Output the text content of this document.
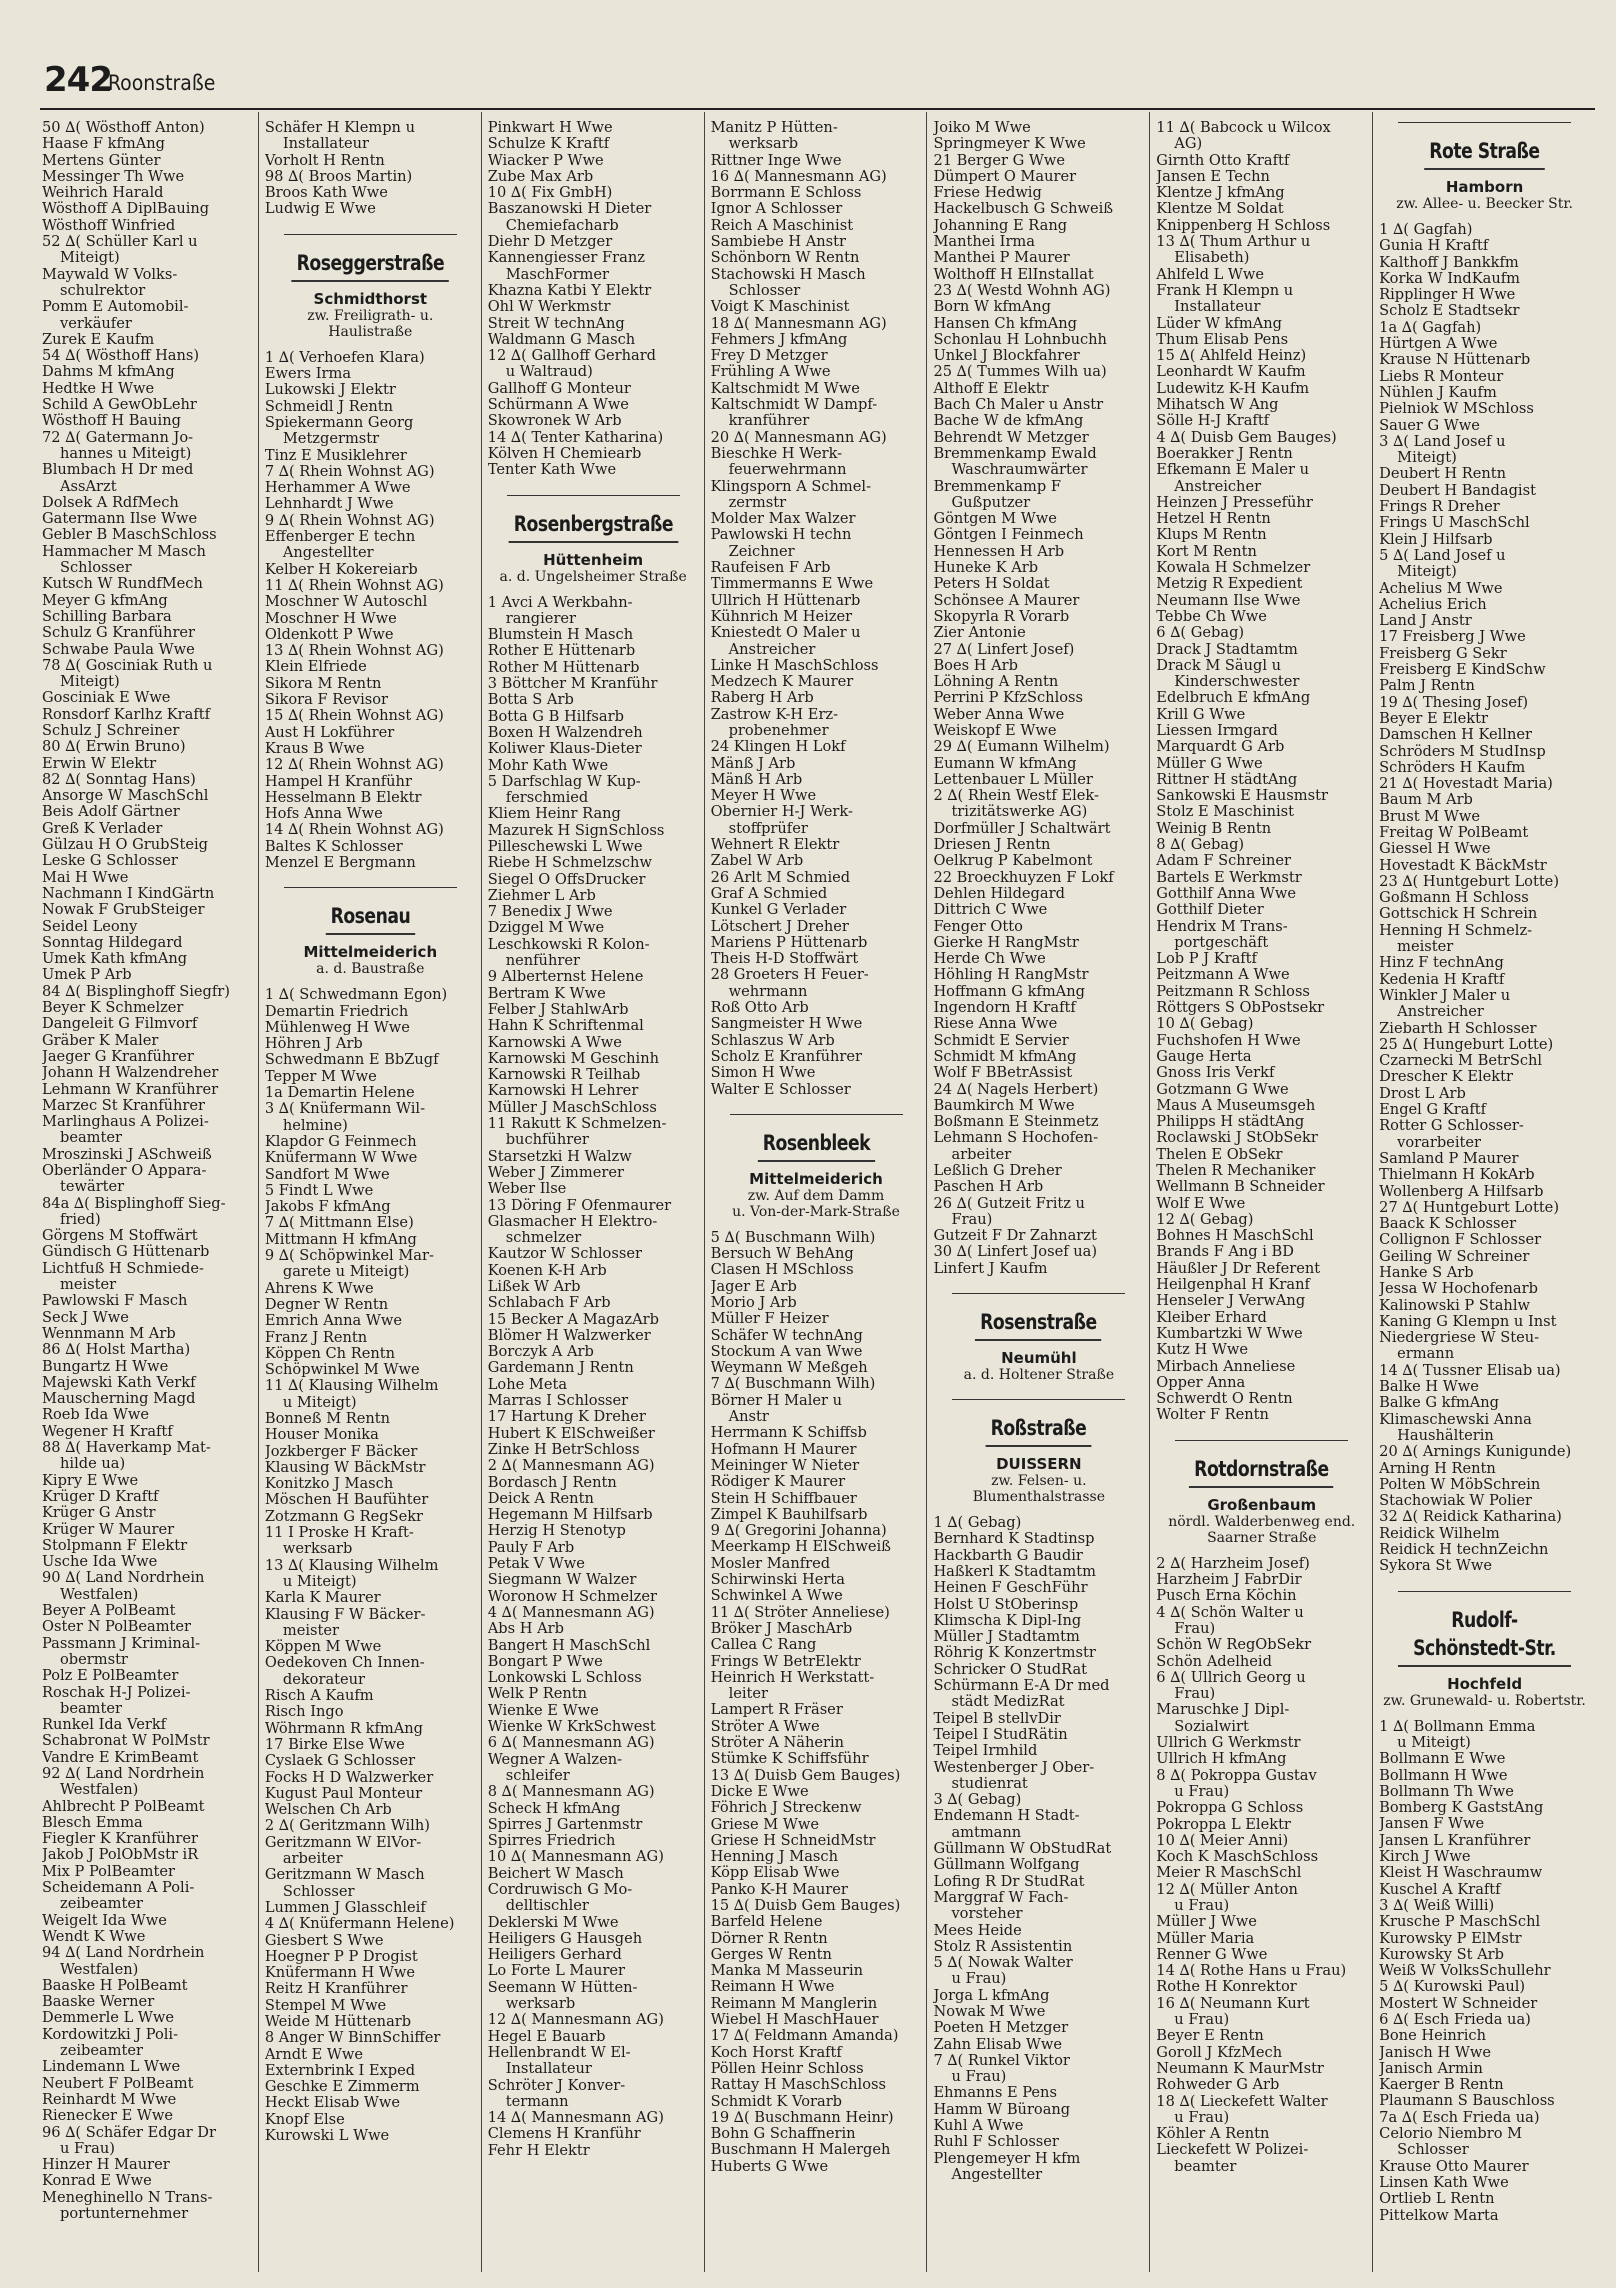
242
Roonstraße
50 ∆( Wösthoff Anton)
Haase F kfmAng
Mertens Günter
Messinger Th Wwe
Weihrich Harald
Wösthoff A DiplBauing
Wösthoff Winfried
52 ∆( Schüller Karl u
Miteigt)
Maywald W Volks-
schulrektor
Pomm E Automobil-
verkäufer
Zurek E Kaufm
54 ∆( Wösthoff Hans)
Dahms M kfmAng
Hedtke H Wwe
Schild A GewObLehr
Wösthoff H Bauing
72 ∆( Gatermann Jo-
hannes u Miteigt)
Blumbach H Dr med
AssArzt
Dolsek A RdfMech
Gatermann Ilse Wwe
Gebler B MaschSchloss
Hammacher M Masch
Schlosser
Kutsch W RundfMech
Meyer G kfmAng
Schilling Barbara
Schulz G Kranführer
Schwabe Paula Wwe
78 ∆( Gosciniak Ruth u
Miteigt)
Gosciniak E Wwe
Ronsdorf Karlhz Kraftf
Schulz J Schreiner
80 ∆( Erwin Bruno)
Erwin W Elektr
82 ∆( Sonntag Hans)
Ansorge W MaschSchl
Beis Adolf Gärtner
Greß K Verlader
Gülzau H O GrubSteig
Leske G Schlosser
Mai H Wwe
Nachmann I KindGärtn
Nowak F GrubSteiger
Seidel Leony
Sonntag Hildegard
Umek Kath kfmAng
Umek P Arb
84 ∆( Bisplinghoff Siegfr)
Beyer K Schmelzer
Dangeleit G Filmvorf
Gräber K Maler
Jaeger G Kranführer
Johann H Walzendreher
Lehmann W Kranführer
Marzec St Kranführer
Marlinghaus A Polizei-
beamter
Mroszinski J ASchweiß
Oberländer O Appara-
tewärter
84a ∆( Bisplinghoff Sieg-
fried)
Görgens M Stoffwärt
Gündisch G Hüttenarb
Lichtfuß H Schmiede-
meister
Pawlowski F Masch
Seck J Wwe
Wennmann M Arb
86 ∆( Holst Martha)
Bungartz H Wwe
Majewski Kath Verkf
Mauscherning Magd
Roeb Ida Wwe
Wegener H Kraftf
88 ∆( Haverkamp Mat-
hilde ua)
Kipry E Wwe
Krüger D Kraftf
Krüger G Anstr
Krüger W Maurer
Stolpmann F Elektr
Usche Ida Wwe
90 ∆( Land Nordrhein
Westfalen)
Beyer A PolBeamt
Oster N PolBeamter
Passmann J Kriminal-
obermstr
Polz E PolBeamter
Roschak H-J Polizei-
beamter
Runkel Ida Verkf
Schabronat W PolMstr
Vandre E KrimBeamt
92 ∆( Land Nordrhein
Westfalen)
Ahlbrecht P PolBeamt
Blesch Emma
Fiegler K Kranführer
Jakob J PolObMstr iR
Mix P PolBeamter
Scheidemann A Poli-
zeibeamter
Weigelt Ida Wwe
Wendt K Wwe
94 ∆( Land Nordrhein
Westfalen)
Baaske H PolBeamt
Baaske Werner
Demmerle L Wwe
Kordowitzki J Poli-
zeibeamter
Lindemann L Wwe
Neubert F PolBeamt
Reinhardt M Wwe
Rienecker E Wwe
96 ∆( Schäfer Edgar Dr
u Frau)
Hinzer H Maurer
Konrad E Wwe
Meneghinello N Trans-
portunternehmer
Schäfer H Klempn u
Installateur
Vorholt H Rentn
98 ∆( Broos Martin)
Broos Kath Wwe
Ludwig E Wwe
Roseggerstraße
Schmidthorst
zw. Freiligrath- u.
Haulistraße
1 ∆( Verhoefen Klara)
Ewers Irma
Lukowski J Elektr
Schmeidl J Rentn
Spiekermann Georg
Metzgermstr
Tinz E Musiklehrer
7 ∆( Rhein Wohnst AG)
Herhammer A Wwe
Lehnhardt J Wwe
9 ∆( Rhein Wohnst AG)
Effenberger E techn
Angestellter
Kelber H Kokereiarb
11 ∆( Rhein Wohnst AG)
Moschner W Autoschl
Moschner H Wwe
Oldenkott P Wwe
13 ∆( Rhein Wohnst AG)
Klein Elfriede
Sikora M Rentn
Sikora F Revisor
15 ∆( Rhein Wohnst AG)
Aust H Lokführer
Kraus B Wwe
12 ∆( Rhein Wohnst AG)
Hampel H Kranführ
Hesselmann B Elektr
Hofs Anna Wwe
14 ∆( Rhein Wohnst AG)
Baltes K Schlosser
Menzel E Bergmann
Rosenau
Mittelmeiderich
a. d. Baustraße
1 ∆( Schwedmann Egon)
Demartin Friedrich
Mühlenweg H Wwe
Höhren J Arb
Schwedmann E BbZugf
Tepper M Wwe
1a Demartin Helene
3 ∆( Knüfermann Wil-
helmine)
Klapdor G Feinmech
Knüfermann W Wwe
Sandfort M Wwe
5 Findt L Wwe
Jakobs F kfmAng
7 ∆( Mittmann Else)
Mittmann H kfmAng
9 ∆( Schöpwinkel Mar-
garete u Miteigt)
Ahrens K Wwe
Degner W Rentn
Emrich Anna Wwe
Franz J Rentn
Köppen Ch Rentn
Schöpwinkel M Wwe
11 ∆( Klausing Wilhelm
u Miteigt)
Bonneß M Rentn
Houser Monika
Jozkberger F Bäcker
Klausing W BäckMstr
Konitzko J Masch
Möschen H Baufühter
Zotzmann G RegSekr
11 I Proske H Kraft-
werksarb
13 ∆( Klausing Wilhelm
u Miteigt)
Karla K Maurer
Klausing F W Bäcker-
meister
Köppen M Wwe
Oedekoven Ch Innen-
dekorateur
Risch A Kaufm
Risch Ingo
Wöhrmann R kfmAng
17 Birke Else Wwe
Cyslaek G Schlosser
Focks H D Walzwerker
Kugust Paul Monteur
Welschen Ch Arb
2 ∆( Geritzmann Wilh)
Geritzmann W ElVor-
arbeiter
Geritzmann W Masch
Schlosser
Lummen J Glasschleif
4 ∆( Knüfermann Helene)
Giesbert S Wwe
Hoegner P P Drogist
Knüfermann H Wwe
Reitz H Kranführer
Stempel M Wwe
Weide M Hüttenarb
8 Anger W BinnSchiffer
Arndt E Wwe
Externbrink I Exped
Geschke E Zimmerm
Heckt Elisab Wwe
Knopf Else
Kurowski L Wwe
Pinkwart H Wwe
Schulze K Kraftf
Wiacker P Wwe
Zube Max Arb
10 ∆( Fix GmbH)
Baszanowski H Dieter
Chemiefacharb
Diehr D Metzger
Kannengiesser Franz
MaschFormer
Khazna Katbi Y Elektr
Ohl W Werkmstr
Streit W technAng
Waldmann G Masch
12 ∆( Gallhoff Gerhard
u Waltraud)
Gallhoff G Monteur
Schürmann A Wwe
Skowronek W Arb
14 ∆( Tenter Katharina)
Kölven H Chemiearb
Tenter Kath Wwe
Rosenbergstraße
Hüttenheim
a. d. Ungelsheimer Straße
1 Avci A Werkbahn-
rangierer
Blumstein H Masch
Rother E Hüttenarb
Rother M Hüttenarb
3 Böttcher M Kranführ
Botta S Arb
Botta G B Hilfsarb
Boxen H Walzendreh
Koliwer Klaus-Dieter
Mohr Kath Wwe
5 Darfschlag W Kup-
ferschmied
Kliem Heinr Rang
Mazurek H SignSchloss
Pilleschewski L Wwe
Riebe H Schmelzschw
Siegel O OffsDrucker
Ziehmer L Arb
7 Benedix J Wwe
Dziggel M Wwe
Leschkowski R Kolon-
nenführer
9 Alberternst Helene
Bertram K Wwe
Felber J StahlwArb
Hahn K Schriftenmal
Karnowski A Wwe
Karnowski M Geschinh
Karnowski R Teilhab
Karnowski H Lehrer
Müller J MaschSchloss
11 Rakutt K Schmelzen-
buchführer
Starsetzki H Walzw
Weber J Zimmerer
Weber Ilse
13 Döring F Ofenmaurer
Glasmacher H Elektro-
schmelzer
Kautzor W Schlosser
Koenen K-H Arb
Lißek W Arb
Schlabach F Arb
15 Becker A MagazArb
Blömer H Walzwerker
Borczyk A Arb
Gardemann J Rentn
Lohe Meta
Marras I Schlosser
17 Hartung K Dreher
Hubert K ElSchweißer
Zinke H BetrSchloss
2 ∆( Mannesmann AG)
Bordasch J Rentn
Deick A Rentn
Hegemann M Hilfsarb
Herzig H Stenotyp
Pauly F Arb
Petak V Wwe
Siegmann W Walzer
Woronow H Schmelzer
4 ∆( Mannesmann AG)
Abs H Arb
Bangert H MaschSchl
Bongart P Wwe
Lonkowski L Schloss
Welk P Rentn
Wienke E Wwe
Wienke W KrkSchwest
6 ∆( Mannesmann AG)
Wegner A Walzen-
schleifer
8 ∆( Mannesmann AG)
Scheck H kfmAng
Spirres J Gartenmstr
Spirres Friedrich
10 ∆( Mannesmann AG)
Beichert W Masch
Cordruwisch G Mo-
delltischler
Deklerski M Wwe
Heiligers G Hausgeh
Heiligers Gerhard
Lo Forte L Maurer
Seemann W Hütten-
werksarb
12 ∆( Mannesmann AG)
Hegel E Bauarb
Hellenbrandt W El-
Installateur
Schröter J Konver-
termann
14 ∆( Mannesmann AG)
Clemens H Kranführ
Fehr H Elektr
Manitz P Hütten-
werksarb
Rittner Inge Wwe
16 ∆( Mannesmann AG)
Borrmann E Schloss
Ignor A Schlosser
Reich A Maschinist
Sambiebe H Anstr
Schönborn W Rentn
Stachowski H Masch
Schlosser
Voigt K Maschinist
18 ∆( Mannesmann AG)
Fehmers J kfmAng
Frey D Metzger
Frühling A Wwe
Kaltschmidt M Wwe
Kaltschmidt W Dampf-
kranführer
20 ∆( Mannesmann AG)
Bieschke H Werk-
feuerwehrmann
Klingsporn A Schmel-
zermstr
Molder Max Walzer
Pawlowski H techn
Zeichner
Raufeisen F Arb
Timmermanns E Wwe
Ullrich H Hüttenarb
Kühnrich M Heizer
Kniestedt O Maler u
Anstreicher
Linke H MaschSchloss
Medzech K Maurer
Raberg H Arb
Zastrow K-H Erz-
probenehmer
24 Klingen H Lokf
Mänß J Arb
Mänß H Arb
Meyer H Wwe
Obernier H-J Werk-
stoffprüfer
Wehnert R Elektr
Zabel W Arb
26 Arlt M Schmied
Graf A Schmied
Kunkel G Verlader
Lötschert J Dreher
Mariens P Hüttenarb
Theis H-D Stoffwärt
28 Groeters H Feuer-
wehrmann
Roß Otto Arb
Sangmeister H Wwe
Schlaszus W Arb
Scholz E Kranführer
Simon H Wwe
Walter E Schlosser
Rosenbleek
Mittelmeiderich
zw. Auf dem Damm
u. Von-der-Mark-Straße
5 ∆( Buschmann Wilh)
Bersuch W BehAng
Clasen H MSchloss
Jager E Arb
Morio J Arb
Müller F Heizer
Schäfer W technAng
Stockum A van Wwe
Weymann W Meßgeh
7 ∆( Buschmann Wilh)
Börner H Maler u
Anstr
Herrmann K Schiffsb
Hofmann H Maurer
Meininger W Nieter
Rödiger K Maurer
Stein H Schiffbauer
Zimpel K Bauhilfsarb
9 ∆( Gregorini Johanna)
Meerkamp H ElSchweiß
Mosler Manfred
Schirwinski Herta
Schwinkel A Wwe
11 ∆( Ströter Anneliese)
Bröker J MaschArb
Callea C Rang
Frings W BetrElektr
Heinrich H Werkstatt-
leiter
Lampert R Fräser
Ströter A Wwe
Ströter A Näherin
Stümke K Schiffsführ
13 ∆( Duisb Gem Bauges)
Dicke E Wwe
Föhrich J Streckenw
Griese M Wwe
Griese H SchneidMstr
Henning J Masch
Köpp Elisab Wwe
Panko K-H Maurer
15 ∆( Duisb Gem Bauges)
Barfeld Helene
Dörner R Rentn
Gerges W Rentn
Manka M Masseurin
Reimann H Wwe
Reimann M Manglerin
Wiebel H MaschHauer
17 ∆( Feldmann Amanda)
Koch Horst Kraftf
Pöllen Heinr Schloss
Rattay H MaschSchloss
Schmidt K Vorarb
19 ∆( Buschmann Heinr)
Bohn G Schaffnerin
Buschmann H Malergeh
Huberts G Wwe
Joiko M Wwe
Springmeyer K Wwe
21 Berger G Wwe
Dümpert O Maurer
Friese Hedwig
Hackelbusch G Schweiß
Johanning E Rang
Manthei Irma
Manthei P Maurer
Wolthoff H ElInstallat
23 ∆( Westd Wohnh AG)
Born W kfmAng
Hansen Ch kfmAng
Schonlau H Lohnbuchh
Unkel J Blockfahrer
25 ∆( Tummes Wilh ua)
Althoff E Elektr
Bach Ch Maler u Anstr
Bache W de kfmAng
Behrendt W Metzger
Bremmenkamp Ewald
Waschraumwärter
Bremmenkamp F
Gußputzer
Göntgen M Wwe
Göntgen I Feinmech
Hennessen H Arb
Huneke K Arb
Peters H Soldat
Schönsee A Maurer
Skopyrla R Vorarb
Zier Antonie
27 ∆( Linfert Josef)
Boes H Arb
Löhning A Rentn
Perrini P KfzSchloss
Weber Anna Wwe
Weiskopf E Wwe
29 ∆( Eumann Wilhelm)
Eumann W kfmAng
Lettenbauer L Müller
2 ∆( Rhein Westf Elek-
trizitätswerke AG)
Dorfmüller J Schaltwärt
Driesen J Rentn
Oelkrug P Kabelmont
22 Broeckhuyzen F Lokf
Dehlen Hildegard
Dittrich C Wwe
Fenger Otto
Gierke H RangMstr
Herde Ch Wwe
Höhling H RangMstr
Hoffmann G kfmAng
Ingendorn H Kraftf
Riese Anna Wwe
Schmidt E Servier
Schmidt M kfmAng
Wolf F BBetrAssist
24 ∆( Nagels Herbert)
Baumkirch M Wwe
Boßmann E Steinmetz
Lehmann S Hochofen-
arbeiter
Leßlich G Dreher
Paschen H Arb
26 ∆( Gutzeit Fritz u
Frau)
Gutzeit F Dr Zahnarzt
30 ∆( Linfert Josef ua)
Linfert J Kaufm
Rosenstraße
Neumühl
a. d. Holtener Straße
Roßstraße
DUISSERN
zw. Felsen- u.
Blumenthalstrasse
1 ∆( Gebag)
Bernhard K Stadtinsp
Hackbarth G Baudir
Haßkerl K Stadtamtm
Heinen F GeschFühr
Holst U StOberinsp
Klimscha K Dipl-Ing
Müller J Stadtamtm
Röhrig K Konzertmstr
Schricker O StudRat
Schürmann E-A Dr med
städt MedizRat
Teipel B stellvDir
Teipel I StudRätin
Teipel Irmhild
Westenberger J Ober-
studienrat
3 ∆( Gebag)
Endemann H Stadt-
amtmann
Güllmann W ObStudRat
Güllmann Wolfgang
Lofing R Dr StudRat
Marggraf W Fach-
vorsteher
Mees Heide
Stolz R Assistentin
5 ∆( Nowak Walter
u Frau)
Jorga L kfmAng
Nowak M Wwe
Poeten H Metzger
Zahn Elisab Wwe
7 ∆( Runkel Viktor
u Frau)
Ehmanns E Pens
Hamm W Büroang
Kuhl A Wwe
Ruhl F Schlosser
Plengemeyer H kfm
Angestellter
11 ∆( Babcock u Wilcox
AG)
Girnth Otto Kraftf
Jansen E Techn
Klentze J kfmAng
Klentze M Soldat
Knippenberg H Schloss
13 ∆( Thum Arthur u
Elisabeth)
Ahlfeld L Wwe
Frank H Klempn u
Installateur
Lüder W kfmAng
Thum Elisab Pens
15 ∆( Ahlfeld Heinz)
Leonhardt W Kaufm
Ludewitz K-H Kaufm
Mihatsch W Ang
Sölle H-J Kraftf
4 ∆( Duisb Gem Bauges)
Boerakker J Rentn
Efkemann E Maler u
Anstreicher
Heinzen J Presseführ
Hetzel H Rentn
Klups M Rentn
Kort M Rentn
Kowala H Schmelzer
Metzig R Expedient
Neumann Ilse Wwe
Tebbe Ch Wwe
6 ∆( Gebag)
Drack J Stadtamtm
Drack M Säugl u
Kinderschwester
Edelbruch E kfmAng
Krill G Wwe
Liessen Irmgard
Marquardt G Arb
Müller G Wwe
Rittner H städtAng
Sankowski E Hausmstr
Stolz E Maschinist
Weinig B Rentn
8 ∆( Gebag)
Adam F Schreiner
Bartels E Werkmstr
Gotthilf Anna Wwe
Gotthilf Dieter
Hendrix M Trans-
portgeschäft
Lob P J Kraftf
Peitzmann A Wwe
Peitzmann R Schloss
Röttgers S ObPostsekr
10 ∆( Gebag)
Fuchshofen H Wwe
Gauge Herta
Gnoss Iris Verkf
Gotzmann G Wwe
Maus A Museumsgeh
Philipps H städtAng
Roclawski J StObSekr
Thelen E ObSekr
Thelen R Mechaniker
Wellmann B Schneider
Wolf E Wwe
12 ∆( Gebag)
Bohnes H MaschSchl
Brands F Ang i BD
Häußler J Dr Referent
Heilgenphal H Kranf
Henseler J VerwAng
Kleiber Erhard
Kumbartzki W Wwe
Kutz H Wwe
Mirbach Anneliese
Opper Anna
Schwerdt O Rentn
Wolter F Rentn
Rotdornstraße
Großenbaum
nördl. Walderbenweg end.
Saarner Straße
2 ∆( Harzheim Josef)
Harzheim J FabrDir
Pusch Erna Köchin
4 ∆( Schön Walter u
Frau)
Schön W RegObSekr
Schön Adelheid
6 ∆( Ullrich Georg u
Frau)
Maruschke J Dipl-
Sozialwirt
Ullrich G Werkmstr
Ullrich H kfmAng
8 ∆( Pokroppa Gustav
u Frau)
Pokroppa G Schloss
Pokroppa L Elektr
10 ∆( Meier Anni)
Koch K MaschSchloss
Meier R MaschSchl
12 ∆( Müller Anton
u Frau)
Müller J Wwe
Müller Maria
Renner G Wwe
14 ∆( Rothe Hans u Frau)
Rothe H Konrektor
16 ∆( Neumann Kurt
u Frau)
Beyer E Rentn
Goroll J KfzMech
Neumann K MaurMstr
Rohweder G Arb
18 ∆( Lieckefett Walter
u Frau)
Köhler A Rentn
Lieckefett W Polizei-
beamter
Rote Straße
Hamborn
zw. Allee- u. Beecker Str.
1 ∆( Gagfah)
Gunia H Kraftf
Kalthoff J Bankkfm
Korka W IndKaufm
Ripplinger H Wwe
Scholz E Stadtsekr
1a ∆( Gagfah)
Hürtgen A Wwe
Krause N Hüttenarb
Liebs R Monteur
Nühlen J Kaufm
Pielniok W MSchloss
Sauer G Wwe
3 ∆( Land Josef u
Miteigt)
Deubert H Rentn
Deubert H Bandagist
Frings R Dreher
Frings U MaschSchl
Klein J Hilfsarb
5 ∆( Land Josef u
Miteigt)
Achelius M Wwe
Achelius Erich
Land J Anstr
17 Freisberg J Wwe
Freisberg G Sekr
Freisberg E KindSchw
Palm J Rentn
19 ∆( Thesing Josef)
Beyer E Elektr
Damschen H Kellner
Schröders M StudInsp
Schröders H Kaufm
21 ∆( Hovestadt Maria)
Baum M Arb
Brust M Wwe
Freitag W PolBeamt
Giessel H Wwe
Hovestadt K BäckMstr
23 ∆( Huntgeburt Lotte)
Goßmann H Schloss
Gottschick H Schrein
Henning H Schmelz-
meister
Hinz F technAng
Kedenia H Kraftf
Winkler J Maler u
Anstreicher
Ziebarth H Schlosser
25 ∆( Hungeburt Lotte)
Czarnecki M BetrSchl
Drescher K Elektr
Drost L Arb
Engel G Kraftf
Rotter G Schlosser-
vorarbeiter
Samland P Maurer
Thielmann H KokArb
Wollenberg A Hilfsarb
27 ∆( Huntgeburt Lotte)
Baack K Schlosser
Collignon F Schlosser
Geiling W Schreiner
Hanke S Arb
Jessa W Hochofenarb
Kalinowski P Stahlw
Kaning G Klempn u Inst
Niedergriese W Steu-
ermann
14 ∆( Tussner Elisab ua)
Balke H Wwe
Balke G kfmAng
Klimaschewski Anna
Haushälterin
20 ∆( Arnings Kunigunde)
Arning H Rentn
Polten W MöbSchrein
Stachowiak W Polier
32 ∆( Reidick Katharina)
Reidick Wilhelm
Reidick H technZeichn
Sykora St Wwe
Rudolf-Schönstedt-Str.
Hochfeld
zw. Grunewald- u. Robertstr.
1 ∆( Bollmann Emma
u Miteigt)
Bollmann E Wwe
Bollmann H Wwe
Bollmann Th Wwe
Bomberg K GaststAng
Jansen F Wwe
Jansen L Kranführer
Kirch J Wwe
Kleist H Waschraumw
Kuschel A Kraftf
3 ∆( Weiß Willi)
Krusche P MaschSchl
Kurowsky P ElMstr
Kurowsky St Arb
Weiß W VolksSchullehr
5 ∆( Kurowski Paul)
Mostert W Schneider
6 ∆( Esch Frieda ua)
Bone Heinrich
Janisch H Wwe
Janisch Armin
Kaerger B Rentn
Plaumann S Bauschloss
7a ∆( Esch Frieda ua)
Celorio Niembro M
Schlosser
Krause Otto Maurer
Linsen Kath Wwe
Ortlieb L Rentn
Pittelkow Marta
